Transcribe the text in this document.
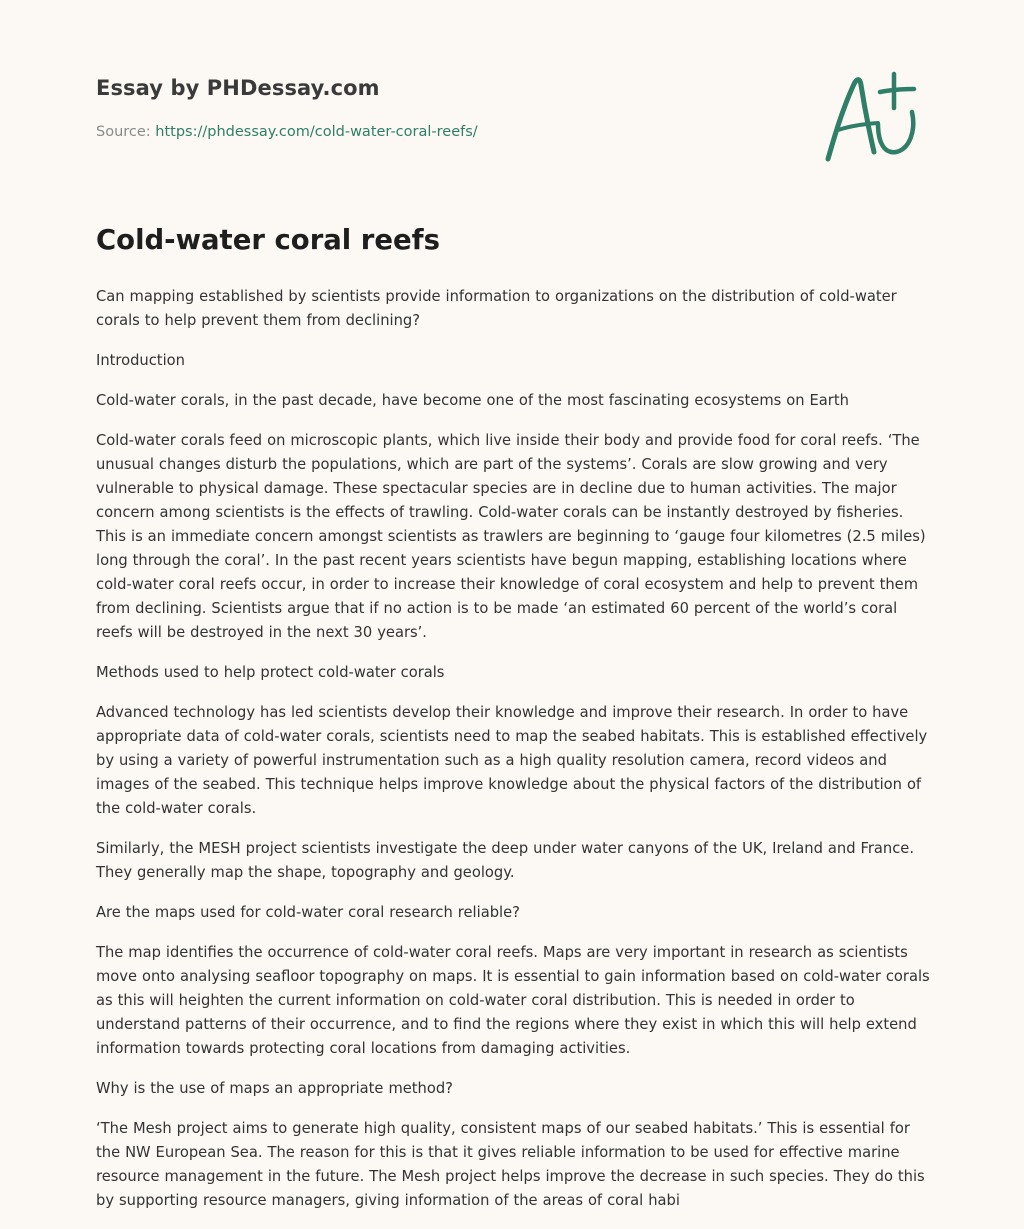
Essay by PHDessay.com
Source: https://phdessay.com/cold-water-coral-reefs/
Cold-water coral reefs

Can mapping established by scientists provide information to organizations on the distribution of cold-water corals to help prevent them from declining?

Introduction

Cold-water corals, in the past decade, have become one of the most fascinating ecosystems on Earth

Cold-water corals feed on microscopic plants, which live inside their body and provide food for coral reefs. ‘The unusual changes disturb the populations, which are part of the systems’. Corals are slow growing and very vulnerable to physical damage. These spectacular species are in decline due to human activities. The major concern among scientists is the effects of trawling. Cold-water corals can be instantly destroyed by fisheries. This is an immediate concern amongst scientists as trawlers are beginning to ‘gauge four kilometres (2.5 miles) long through the coral’. In the past recent years scientists have begun mapping, establishing locations where cold-water coral reefs occur, in order to increase their knowledge of coral ecosystem and help to prevent them from declining. Scientists argue that if no action is to be made ‘an estimated 60 percent of the world’s coral reefs will be destroyed in the next 30 years’.

Methods used to help protect cold-water corals

Advanced technology has led scientists develop their knowledge and improve their research. In order to have appropriate data of cold-water corals, scientists need to map the seabed habitats. This is established effectively by using a variety of powerful instrumentation such as a high quality resolution camera, record videos and images of the seabed. This technique helps improve knowledge about the physical factors of the distribution of the cold-water corals.

Similarly, the MESH project scientists investigate the deep under water canyons of the UK, Ireland and France. They generally map the shape, topography and geology.

Are the maps used for cold-water coral research reliable?

The map identifies the occurrence of cold-water coral reefs. Maps are very important in research as scientists move onto analysing seafloor topography on maps. It is essential to gain information based on cold-water corals as this will heighten the current information on cold-water coral distribution. This is needed in order to understand patterns of their occurrence, and to find the regions where they exist in which this will help extend information towards protecting coral locations from damaging activities.

Why is the use of maps an appropriate method?

‘The Mesh project aims to generate high quality, consistent maps of our seabed habitats.’ This is essential for the NW European Sea. The reason for this is that it gives reliable information to be used for effective marine resource management in the future. The Mesh project helps improve the decrease in such species. They do this by supporting resource managers, giving information of the areas of coral habi
